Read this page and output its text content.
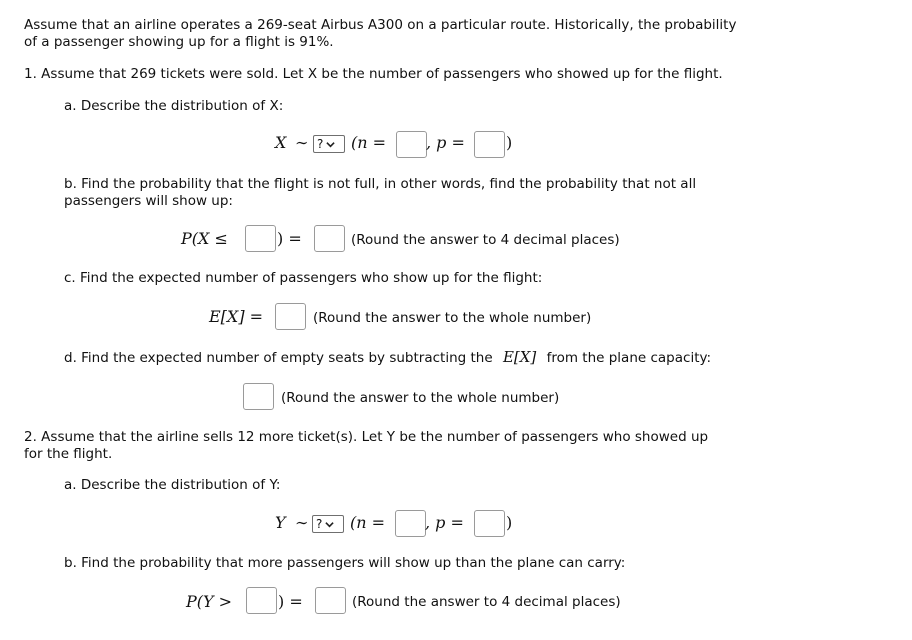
Assume that an airline operates a 269-seat Airbus A300 on a particular route. Historically, the probability of a passenger showing up for a flight is 91%.
1. Assume that 269 tickets were sold. Let X be the number of passengers who showed up for the flight.
a. Describe the distribution of X:
X ∼ ? (n = , p =	)
b. Find the probability that the flight is not full, in other words, find the probability that not all passengers will show up:
P(X ≤	) =	(Round the answer to 4 decimal places)
c. Find the expected number of passengers who show up for the flight:
E[X] =	(Round the answer to the whole number)
d. Find the expected number of empty seats by subtracting the E[X] from the plane capacity:
(Round the answer to the whole number)
2. Assume that the airline sells 12 more ticket(s). Let Y be the number of passengers who showed up for the flight.
a. Describe the distribution of Y:
Y ∼ ? (n = , p =	)
b. Find the probability that more passengers will show up than the plane can carry:
P(Y >	) =	(Round the answer to 4 decimal places)
